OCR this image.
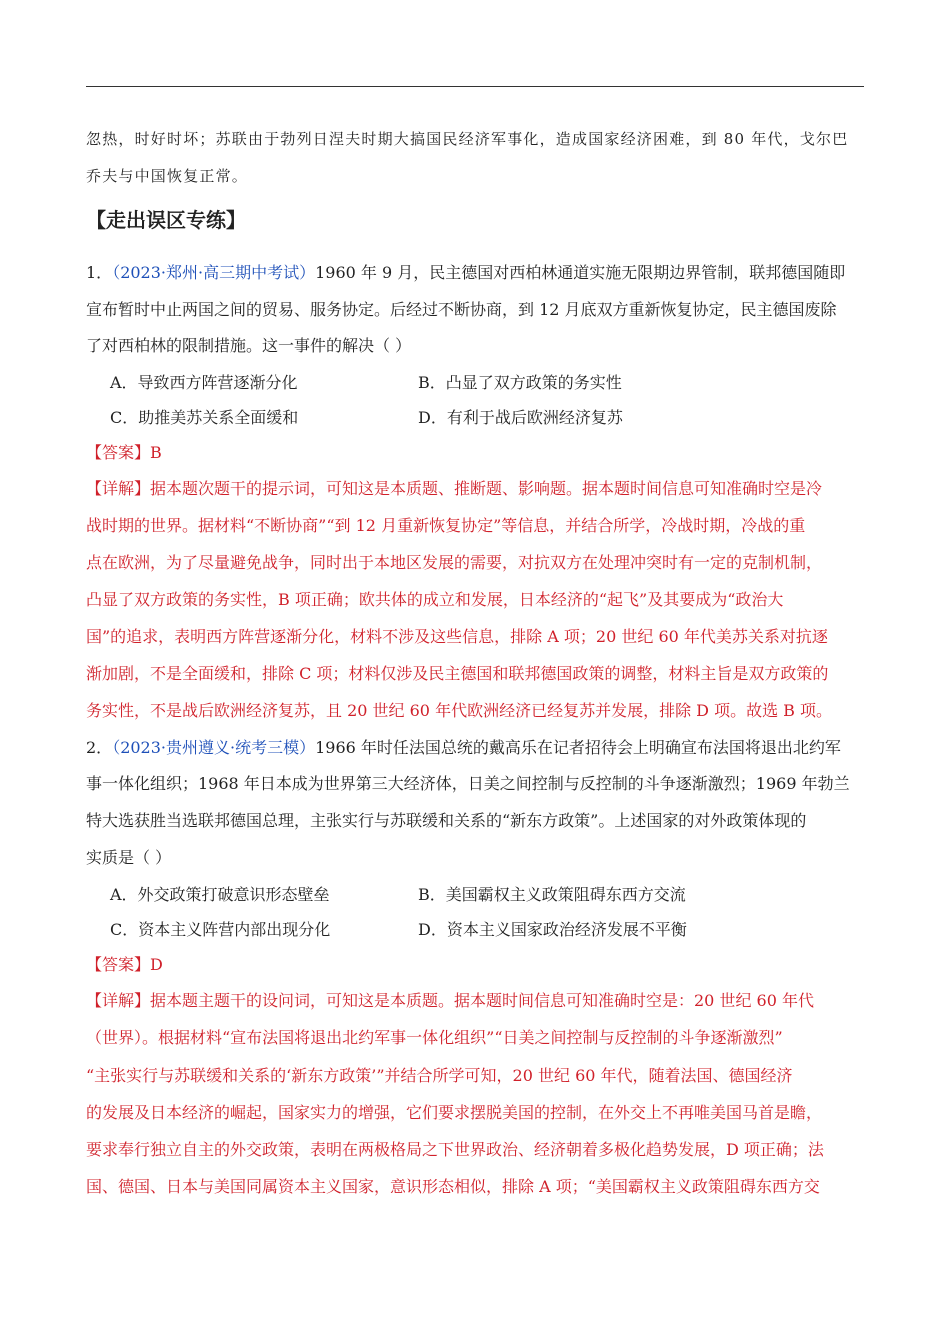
忽热，时好时坏；苏联由于勃列日涅夫时期大搞国民经济军事化，造成国家经济困难，到 80 年代，戈尔巴
乔夫与中国恢复正常。
【走出误区专练】
1．（2023·郑州·高三期中考试）1960 年 9 月，民主德国对西柏林通道实施无限期边界管制，联邦德国随即
宣布暂时中止两国之间的贸易、服务协定。后经过不断协商，到 12 月底双方重新恢复协定，民主德国废除
了对西柏林的限制措施。这一事件的解决（ ）
A．导致西方阵营逐渐分化	B．凸显了双方政策的务实性
C．助推美苏关系全面缓和	D．有利于战后欧洲经济复苏
【答案】B
【详解】据本题次题干的提示词，可知这是本质题、推断题、影响题。据本题时间信息可知准确时空是冷
战时期的世界。据材料“不断协商”“到 12 月重新恢复协定”等信息，并结合所学，冷战时期，冷战的重
点在欧洲，为了尽量避免战争，同时出于本地区发展的需要，对抗双方在处理冲突时有一定的克制机制，
凸显了双方政策的务实性，B 项正确；欧共体的成立和发展，日本经济的“起飞”及其要成为“政治大
国”的追求，表明西方阵营逐渐分化，材料不涉及这些信息，排除 A 项；20 世纪 60 年代美苏关系对抗逐
渐加剧，不是全面缓和，排除 C 项；材料仅涉及民主德国和联邦德国政策的调整，材料主旨是双方政策的
务实性，不是战后欧洲经济复苏，且 20 世纪 60 年代欧洲经济已经复苏并发展，排除 D 项。故选 B 项。
2．（2023·贵州遵义·统考三模）1966 年时任法国总统的戴高乐在记者招待会上明确宣布法国将退出北约军
事一体化组织；1968 年日本成为世界第三大经济体，日美之间控制与反控制的斗争逐渐激烈；1969 年勃兰
特大选获胜当选联邦德国总理，主张实行与苏联缓和关系的“新东方政策”。上述国家的对外政策体现的
实质是（ ）
A．外交政策打破意识形态壁垒	B．美国霸权主义政策阻碍东西方交流
C．资本主义阵营内部出现分化	D．资本主义国家政治经济发展不平衡
【答案】D
【详解】据本题主题干的设问词，可知这是本质题。据本题时间信息可知准确时空是：20 世纪 60 年代
（世界）。根据材料“宣布法国将退出北约军事一体化组织”“日美之间控制与反控制的斗争逐渐激烈”
“主张实行与苏联缓和关系的‘新东方政策’”并结合所学可知，20 世纪 60 年代，随着法国、德国经济
的发展及日本经济的崛起，国家实力的增强，它们要求摆脱美国的控制，在外交上不再唯美国马首是瞻，
要求奉行独立自主的外交政策，表明在两极格局之下世界政治、经济朝着多极化趋势发展，D 项正确；法
国、德国、日本与美国同属资本主义国家，意识形态相似，排除 A 项；“美国霸权主义政策阻碍东西方交
